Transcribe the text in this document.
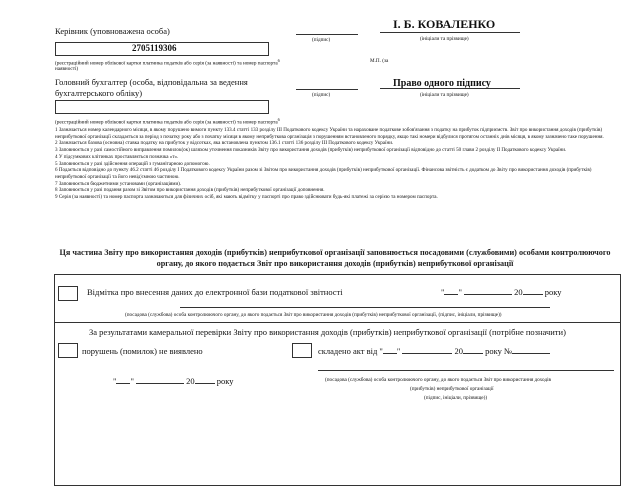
Керівник (уповноважена особа)
(підпис)
І. Б. КОВАЛЕНКО
(ініціали та прізвище)
2705119306
(реєстраційний номер облікової картки платника податків або серія (за наявності) та номер паспорта$^6$
наявності)
М.П. (за
Головний бухгалтер (особа, відповідальна за ведення
бухгалтерського обліку)	(підпис)
Право одного підпису
(ініціали та прізвище)
(реєстраційний номер облікової картки платника податків або серія (за наявності) та номер паспорта$^6$
1 Зазначається номер календарного місяця, в якому порушено вимоги пункту 133.4 статті 133 розділу ІІІ Податкового кодексу України та нараховане податкове зобов'язання з податку на прибуток підприємств. Звіт про використання доходів (прибутків) неприбуткової організації складається за період з початку року або з початку місяця в якому неприбуткова організація з порушенням встановленого порядку, якщо такі номери відбулися протягом останніх днів місяця, в якому зазначено таке порушення.
2 Зазначається базова (основна) ставка податку на прибуток у відсотках, яка встановлена пунктом 136.1 статті 136 розділу ІІІ Податкового кодексу України.
3 Заповнюється у разі самостійного виправлення помилок(ок) шляхом уточнення показників Звіту про використання доходів (прибутків) неприбуткової організації відповідно до статті 50 глави 2 розділу ІІ Податкового кодексу України.
4 У підсумкових клітинках проставляється позначка «т».
5 Заповнюється у разі здійснення операцій з гуманітарною допомогою.
6 Подається відповідно до пункту 46.2 статті 46 розділу І Податкового кодексу України разом зі Звітом про використання доходів (прибутків) неприбуткової організації. Фінансова звітність є додатком до Звіту про використання доходів (прибутків) неприбуткової організації та його невід'ємною частиною.
7 Заповнюється бюджетними установами (організаціями).
8 Заповнюється у разі подання разом зі Звітом про використання доходів (прибутків) неприбуткової організації доповнення.
9 Серія (за наявності) та номер паспорта зазначаються для фізичних осіб, які мають відмітку у паспорті про право здійснювати будь-які платежі за серією та номером паспорта.
Ця частина Звіту про використання доходів (прибутків) неприбуткової організації заповнюється посадовими (службовими) особами контролюючого органу, до якого подається Звіт про використання доходів (прибутків) неприбуткової організації
Відмітка про внесення даних до електронної бази податкової звітності	" "	20	року
(посадова (службова) особа контролюючого органу, до якого подається Звіт про використання доходів (прибутків) неприбуткової організації, (підпис, ініціали, прізвище))
За результатами камеральної перевірки Звіту про використання доходів (прибутків) неприбуткової організації (потрібне позначити)
порушень (помилок) не виявлено	складено акт від " "	20	року №
" "	20	року	(посадова (службова) особа контролюючого органу, до якого подається Звіт про використання доходів
(прибутків) неприбуткової організації
(підпис, ініціали, прізвище))
